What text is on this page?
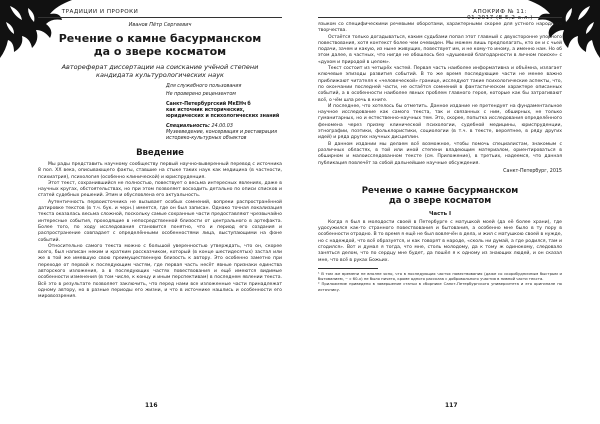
ТРАДИЦИИ И ПРОРОКИ
Иванов Пётр Сергеевич
Речение о камне басурманском да о звере косматом
Автореферат диссертации на соискание учёной степени кандидата культурологических наук

Для служебного пользования

Не проверено рецензентом

Санкт-Петербургский МкЕНч б

как источник исторических,

юридических и психологических знаний

Специальность: 24.00.03

Музееведение, консервация и реставрация

историко-культурных объектов

Введение

Мы рады представить научному сообществу первый научно-выверенный перевод с источника 8 пол. XX века, описывающего факты, ставшие на стыке таких наук как медицина (в частности, психиатрия), психология (особенно клинической) и юриспруденция.

Этот текст, сохранившийся не полностью, повествует о весьма интересных явлениях, даже в научных кругах, обстоятельствах, но при этом позволяет восходить детально по описи списков и статей судебных решений. Этим и обусловлена его актуальность.

Аутентичность первоисточника не вызывает особых сомнений, вопреки распространённой датировке текстов (в т.ч. бук. и черн.) имеется, где он был записан. Однако точная локализация текста оказалась весьма сложной, поскольку самые сохранные части предоставляют чрезвычайно интересные события, проходящие в непосредственной близости от центрального в артефакта. Более того, по ходу исследования становится понятно, что и период его создания и распространение совпадает с определёнными особенностями лица, выступающими на фоне событий.

Относительно самого текста можно с большой уверенностью утверждать, что он, скорее всего, был написан неким и кратким рассказчиком, который (в конце шестидесятых) застал или же в той же имевшую свою преимущественную близость к автору. Это особенно заметно при переходе от первой к последующим частям, где первая часть несёт явные признаки единства авторского изложения, а в последующих частях повествования и ещё имеются видимые особенности изменения (в том числе, к концу и иным перспективам) в последнем явлении текста. Всё это в результате позволяет заключить, что перед нами все изложенные части принадлежат одному автору, но в разные периоды его жизни, и что в источнике нашлись и особенности его мировоззрения.

116
АПОКРИФ № 11: 01.2017 (Е 5,2 а.л.)

языком со специфическими речевыми оборотами, характерными скорее для устного народного творчества.

Остаётся только догадываться, каким судьбами попал этот главный с двухсторонне упорного повествования, хотя контекст более чем очевиден. Мы можем лишь предполагать, кто он и с чьей подачи, зачем и какую, из ныне живущих, повествует им, и не кому-то иному, а именно нам. Но об этом далее, в частных, что нигде не обошлось без «душевной благодарности в личном поиске» с «духом и природой в целом».

Текст состоит из четырёх частей. Первая часть наиболее информативна и объёмна, излагает ключевые эпизоды развития событий. В то же время последующие части не менее важно приближают читателя к «человеческой» границе, исследуют такие психологические аспекты, что, по окончании последней части, не остаётся сомнений в фантастическом характере описанных событий, а в особенности наиболее явных проблем главного героя, которые как бы затрагивают всё, о чём шла речь в книге.

И последнее, что хотелось бы отметить. Данное издание не претендует на фундаментальное научное исследование как самого текста, так и связанных с ним, обширных, не только гуманитарных, но и естественно-научных тем. Это, скорее, попытка исследования определённого феномена через призму клинической психологии, судебной медицины, юриспруденции, этнографии, поэтики, фольклористики, социологии (в т.ч. в тексте, вероятнее, в ряду других идей) и ряда других научных дисциплин.

В данном издании мы делаем всё возможное, чтобы помочь специалистам, знакомым с различных областях, в той или иной степени владеющим материалом, ориентироваться в обширном и малоисследованном тексте (см. Приложение), в третьих, надеемся, что данная публикация повлечёт за собой дальнейшие научные обсуждения.

Санкт-Петербург, 2015
Речение о камне басурманском да о звере косматом
Часть I

Когда я был в молодости своей в Петербурге с матушкой моей (да её более храни), где удосужился как-то странного повествования и бытования, а особенно мне было в ту пору в особенности отрадно. В то время я ещё не был вовлечён в дела, и жил с матушкою своей в нужде, но с надеждой, что всё образуется, и как говорят в народе, «сколь ни думай, а где родился, там и сгодился». Вот и думал я тогда, что мне, столь молодому, да к тому ж одинокому, следовало заняться делом, что по сердцу мне будет, да пошёл я к одному из знающих людей, и он сказал мне, что всё в руках Божьих.

¹ В том же времени не вполне ясно, что в последующих частях повествования (даже со скоробудничным быстрым и бытованием, ~ с 60-х) не было ничего, кроме одного рассказа с добровольного участия в пивной части текста.

² Приложение приведено в завершение статьи в сборнике Санкт-Петербургского университета и его оригинале по источнику.

117
